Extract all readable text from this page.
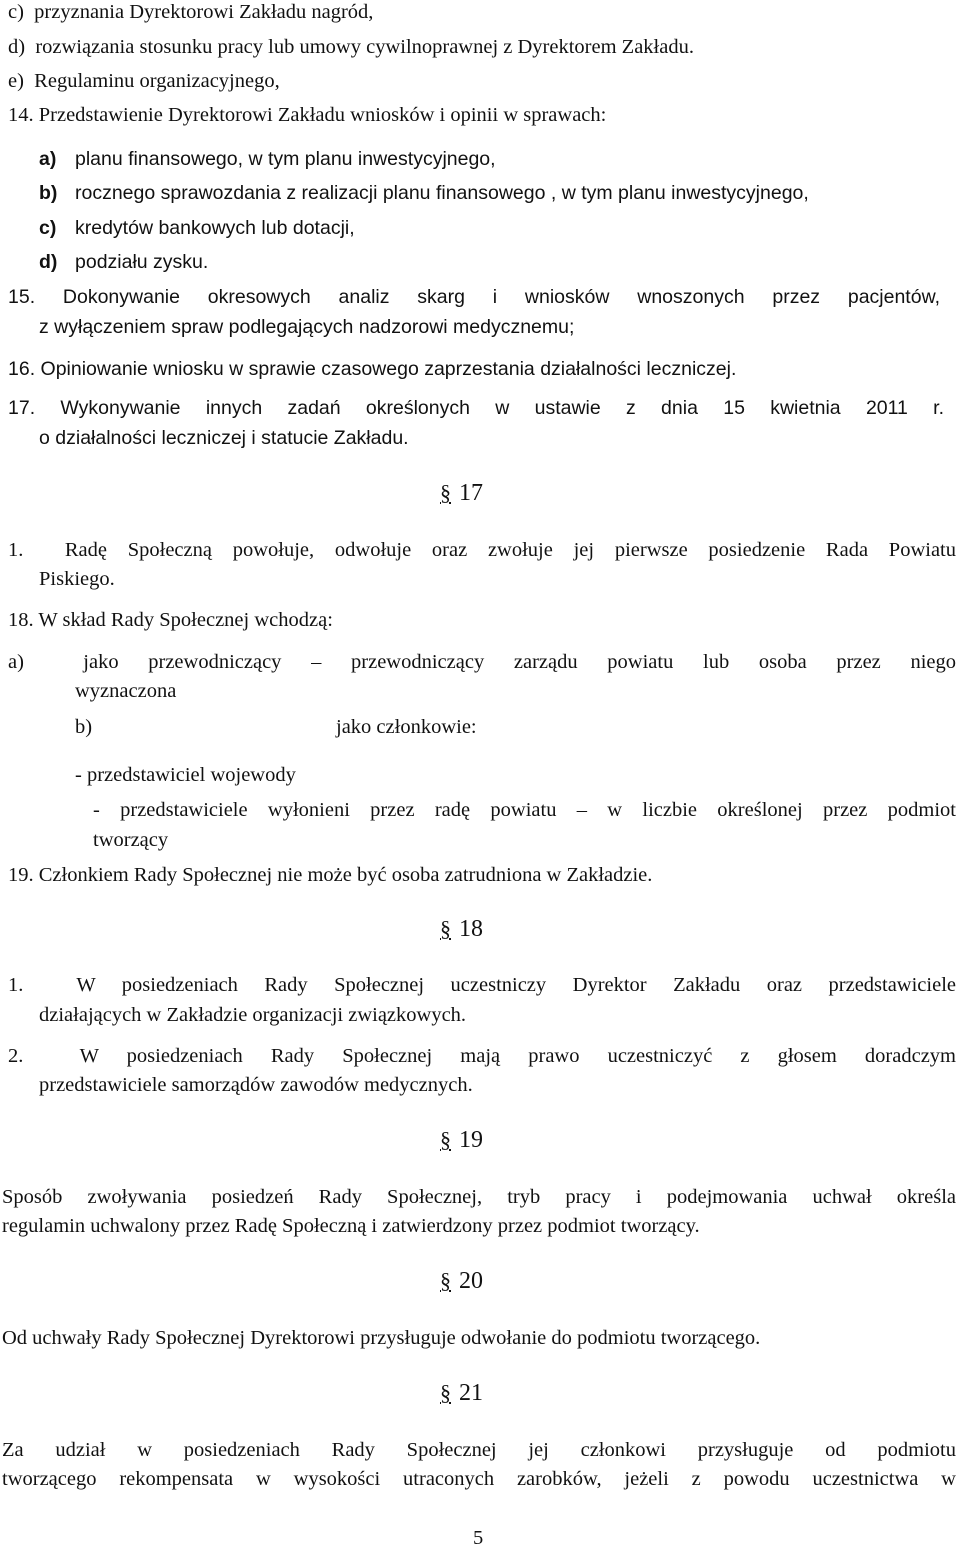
c)  przyznania Dyrektorowi Zakładu nagród,
d)  rozwiązania stosunku pracy lub umowy cywilnoprawnej z Dyrektorem Zakładu.
e)  Regulaminu organizacyjnego,
14. Przedstawienie Dyrektorowi Zakładu wniosków i opinii w sprawach:
a) planu finansowego, w tym planu inwestycyjnego,
b) rocznego sprawozdania z realizacji planu finansowego , w tym planu inwestycyjnego,
c) kredytów bankowych lub dotacji,
d) podziału zysku.
15. Dokonywanie okresowych analiz skarg i wniosków wnoszonych przez pacjentów,
z wyłączeniem spraw podlegających nadzorowi medycznemu;
16. Opiniowanie wniosku w sprawie czasowego zaprzestania działalności leczniczej.
17. Wykonywanie innych zadań określonych w ustawie z dnia 15 kwietnia 2011 r.
o działalności leczniczej i statucie Zakładu.
§ 17
1.  Radę Społeczną powołuje, odwołuje oraz zwołuje jej pierwsze posiedzenie Rada Powiatu
Piskiego.
18. W skład Rady Społecznej wchodzą:
a)  jako przewodniczący – przewodniczący zarządu powiatu lub osoba przez niego
wyznaczona
b)	jako członkowie:
- przedstawiciel wojewody
- przedstawiciele wyłonieni przez radę powiatu – w liczbie określonej przez podmiot
tworzący
19. Członkiem Rady Społecznej nie może być osoba zatrudniona w Zakładzie.
§ 18
1.  W posiedzeniach Rady Społecznej uczestniczy Dyrektor Zakładu oraz przedstawiciele
działających w Zakładzie organizacji związkowych.
2.  W posiedzeniach Rady Społecznej mają prawo uczestniczyć z głosem doradczym
przedstawiciele samorządów zawodów medycznych.
§ 19
Sposób zwoływania posiedzeń Rady Społecznej, tryb pracy i podejmowania uchwał określa
regulamin uchwalony przez Radę Społeczną i zatwierdzony przez podmiot tworzący.
§ 20
Od uchwały Rady Społecznej Dyrektorowi przysługuje odwołanie do podmiotu tworzącego.
§ 21
Za udział w posiedzeniach Rady Społecznej jej członkowi przysługuje od podmiotu
tworzącego rekompensata w wysokości utraconych zarobków, jeżeli z powodu uczestnictwa w
5
